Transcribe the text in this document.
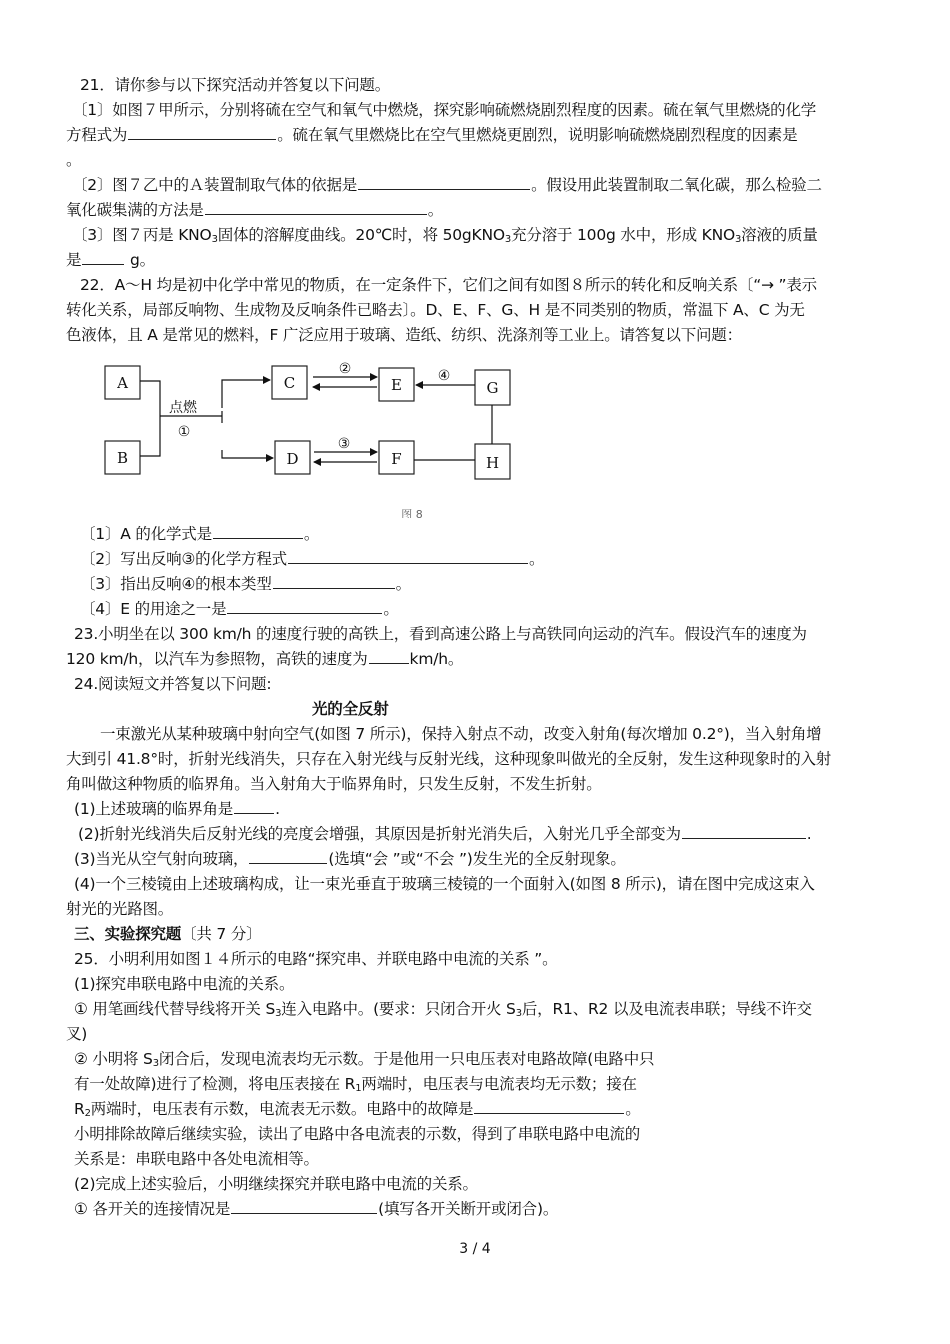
21．请你参与以下探究活动并答复以下问题。
〔1〕如图７甲所示，分别将硫在空气和氧气中燃烧，探究影响硫燃烧剧烈程度的因素。硫在氧气里燃烧的化学
方程式为	。硫在氧气里燃烧比在空气里燃烧更剧烈，说明影响硫燃烧剧烈程度的因素是
。
〔2〕图７乙中的Ａ装置制取气体的依据是	。假设用此装置制取二氧化碳，那么检验二
氧化碳集满的方法是	。
〔3〕图７丙是 $KNO_3$固体的溶解度曲线。20℃时，将 50gKNO$_3$充分溶于 100g 水中，形成 $KNO_3$溶液的质量
是	g。
22．A～H 均是初中化学中常见的物质，在一定条件下，它们之间有如图８所示的转化和反响关系〔“→ ”表示
转化关系，局部反响物、生成物及反响条件已略去〕。D、E、F、G、H 是不同类别的物质，常温下 A、C 为无
色液体，且 A 是常见的燃料，F 广泛应用于玻璃、造纸、纺织、洗涤剂等工业上。请答复以下问题：
A
B
C
D
E
F
G
H
点燃
①
②
③
④
图 8
〔1〕A 的化学式是	。
〔2〕写出反响③的化学方程式	。
〔3〕指出反响④的根本类型	。
〔4〕E 的用途之一是	。
23.小明坐在以 300 km/h 的速度行驶的高铁上，看到高速公路上与高铁同向运动的汽车。假设汽车的速度为
120 km/h，以汽车为参照物，高铁的速度为	km/h。
24.阅读短文并答复以下问题:
光的全反射
一束激光从某种玻璃中射向空气(如图 7 所示)，保持入射点不动，改变入射角(每次增加 0.2°)，当入射角增
大到引 41.8°时，折射光线消失，只存在入射光线与反射光线，这种现象叫做光的全反射，发生这种现象时的入射
角叫做这种物质的临界角。当入射角大于临界角时，只发生反射，不发生折射。
(1)上述玻璃的临界角是	.
(2)折射光线消失后反射光线的亮度会增强，其原因是折射光消失后，入射光几乎全部变为	.
(3)当光从空气射向玻璃，	(选填“会 ”或“不会 ”)发生光的全反射现象。
(4)一个三棱镜由上述玻璃构成，让一束光垂直于玻璃三棱镜的一个面射入(如图 8 所示)，请在图中完成这束入
射光的光路图。
三、实验探究题〔共 7 分〕
25．小明利用如图１４所示的电路“探究串、并联电路中电流的关系 ”。
(1)探究串联电路中电流的关系。
① 用笔画线代替导线将开关 $S_3$连入电路中。(要求：只闭合开火 $S_3$后，R1、R2 以及电流表串联；导线不许交
叉)
② 小明将 $S_3$闭合后，发现电流表均无示数。于是他用一只电压表对电路故障(电路中只
有一处故障)进行了检测，将电压表接在 $R_1$两端时，电压表与电流表均无示数；接在
$R_2$两端时，电压表有示数，电流表无示数。电路中的故障是	。
小明排除故障后继续实验，读出了电路中各电流表的示数，得到了串联电路中电流的
关系是：串联电路中各处电流相等。
(2)完成上述实验后，小明继续探究并联电路中电流的关系。
① 各开关的连接情况是	(填写各开关断开或闭合)。
3 / 4
